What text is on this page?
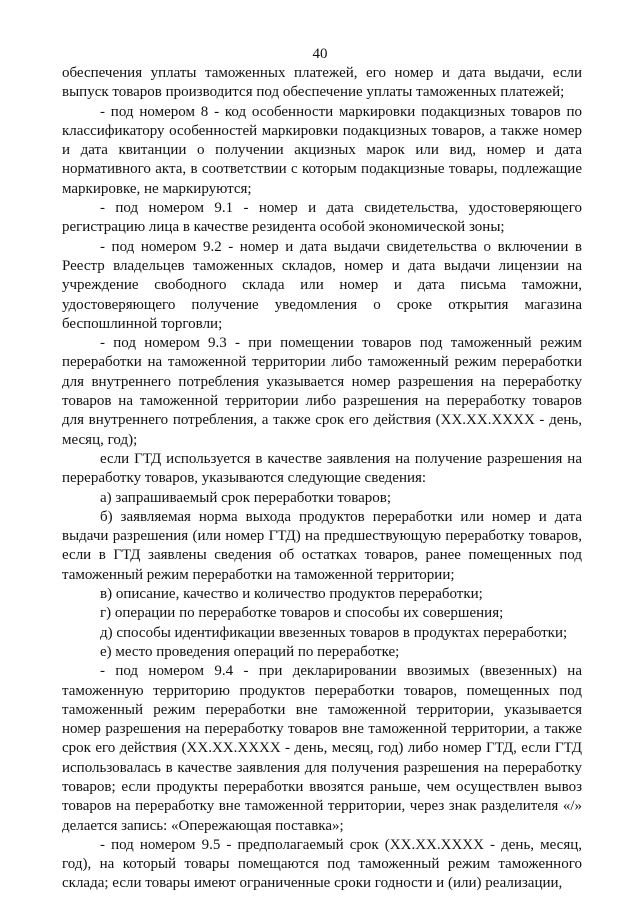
40

обеспечения уплаты таможенных платежей, его номер и дата выдачи, если выпуск товаров производится под обеспечение уплаты таможенных платежей;

- под номером 8 - код особенности маркировки подакцизных товаров по классификатору особенностей маркировки подакцизных товаров, а также номер и дата квитанции о получении акцизных марок или вид, номер и дата нормативного акта, в соответствии с которым подакцизные товары, подлежащие маркировке, не маркируются;

- под номером 9.1 - номер и дата свидетельства, удостоверяющего регистрацию лица в качестве резидента особой экономической зоны;

- под номером 9.2 - номер и дата выдачи свидетельства о включении в Реестр владельцев таможенных складов, номер и дата выдачи лицензии на учреждение свободного склада или номер и дата письма таможни, удостоверяющего получение уведомления о сроке открытия магазина беспошлинной торговли;

- под номером 9.3 - при помещении товаров под таможенный режим переработки на таможенной территории либо таможенный режим переработки для внутреннего потребления указывается номер разрешения на переработку товаров на таможенной территории либо разрешения на переработку товаров для внутреннего потребления, а также срок его действия (XX.XX.XXXX - день, месяц, год);

если ГТД используется в качестве заявления на получение разрешения на переработку товаров, указываются следующие сведения:

а) запрашиваемый срок переработки товаров;

б) заявляемая норма выхода продуктов переработки или номер и дата выдачи разрешения (или номер ГТД) на предшествующую переработку товаров, если в ГТД заявлены сведения об остатках товаров, ранее помещенных под таможенный режим переработки на таможенной территории;

в) описание, качество и количество продуктов переработки;

г) операции по переработке товаров и способы их совершения;

д) способы идентификации ввезенных товаров в продуктах переработки;

е) место проведения операций по переработке;

- под номером 9.4 - при декларировании ввозимых (ввезенных) на таможенную территорию продуктов переработки товаров, помещенных под таможенный режим переработки вне таможенной территории, указывается номер разрешения на переработку товаров вне таможенной территории, а также срок его действия (XX.XX.XXXX - день, месяц, год) либо номер ГТД, если ГТД использовалась в качестве заявления для получения разрешения на переработку товаров; если продукты переработки ввозятся раньше, чем осуществлен вывоз товаров на переработку вне таможенной территории, через знак разделителя «/» делается запись: «Опережающая поставка»;

- под номером 9.5 - предполагаемый срок (XX.XX.XXXX - день, месяц, год), на который товары помещаются под таможенный режим таможенного склада; если товары имеют ограниченные сроки годности и (или) реализации,
